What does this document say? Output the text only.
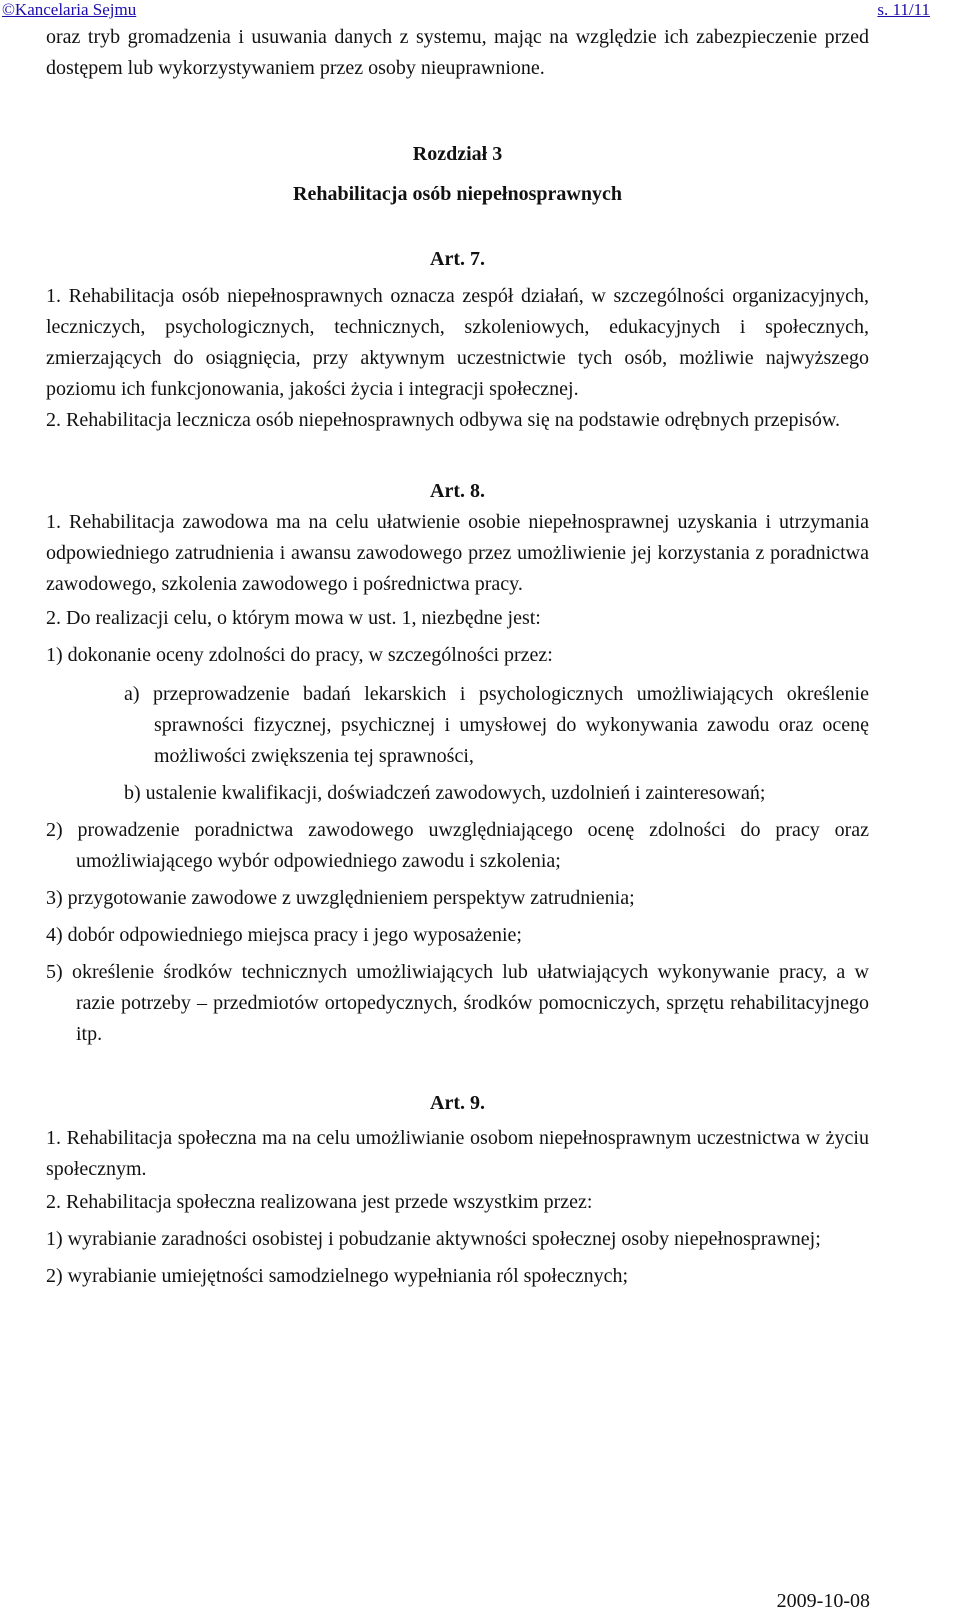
©Kancelaria Sejmu	s. 11/11

oraz tryb gromadzenia i usuwania danych z systemu, mając na względzie ich zabezpieczenie przed dostępem lub wykorzystywaniem przez osoby nieuprawnione.

Rozdział 3

Rehabilitacja osób niepełnosprawnych

Art. 7.

1. Rehabilitacja osób niepełnosprawnych oznacza zespół działań, w szczególności organizacyjnych, leczniczych, psychologicznych, technicznych, szkoleniowych, edukacyjnych i społecznych, zmierzających do osiągnięcia, przy aktywnym uczestnictwie tych osób, możliwie najwyższego poziomu ich funkcjonowania, jakości życia i integracji społecznej.

2. Rehabilitacja lecznicza osób niepełnosprawnych odbywa się na podstawie odrębnych przepisów.

Art. 8.

1. Rehabilitacja zawodowa ma na celu ułatwienie osobie niepełnosprawnej uzyskania i utrzymania odpowiedniego zatrudnienia i awansu zawodowego przez umożliwienie jej korzystania z poradnictwa zawodowego, szkolenia zawodowego i pośrednictwa pracy.

2. Do realizacji celu, o którym mowa w ust. 1, niezbędne jest:

1) dokonanie oceny zdolności do pracy, w szczególności przez:

a) przeprowadzenie badań lekarskich i psychologicznych umożliwiających określenie sprawności fizycznej, psychicznej i umysłowej do wykonywania zawodu oraz ocenę możliwości zwiększenia tej sprawności,

b) ustalenie kwalifikacji, doświadczeń zawodowych, uzdolnień i zainteresowań;

2) prowadzenie poradnictwa zawodowego uwzględniającego ocenę zdolności do pracy oraz umożliwiającego wybór odpowiedniego zawodu i szkolenia;

3) przygotowanie zawodowe z uwzględnieniem perspektyw zatrudnienia;

4) dobór odpowiedniego miejsca pracy i jego wyposażenie;

5) określenie środków technicznych umożliwiających lub ułatwiających wykonywanie pracy, a w razie potrzeby – przedmiotów ortopedycznych, środków pomocniczych, sprzętu rehabilitacyjnego itp.

Art. 9.

1. Rehabilitacja społeczna ma na celu umożliwianie osobom niepełnosprawnym uczestnictwa w życiu społecznym.

2. Rehabilitacja społeczna realizowana jest przede wszystkim przez:

1) wyrabianie zaradności osobistej i pobudzanie aktywności społecznej osoby niepełnosprawnej;

2) wyrabianie umiejętności samodzielnego wypełniania ról społecznych;

2009-10-08
